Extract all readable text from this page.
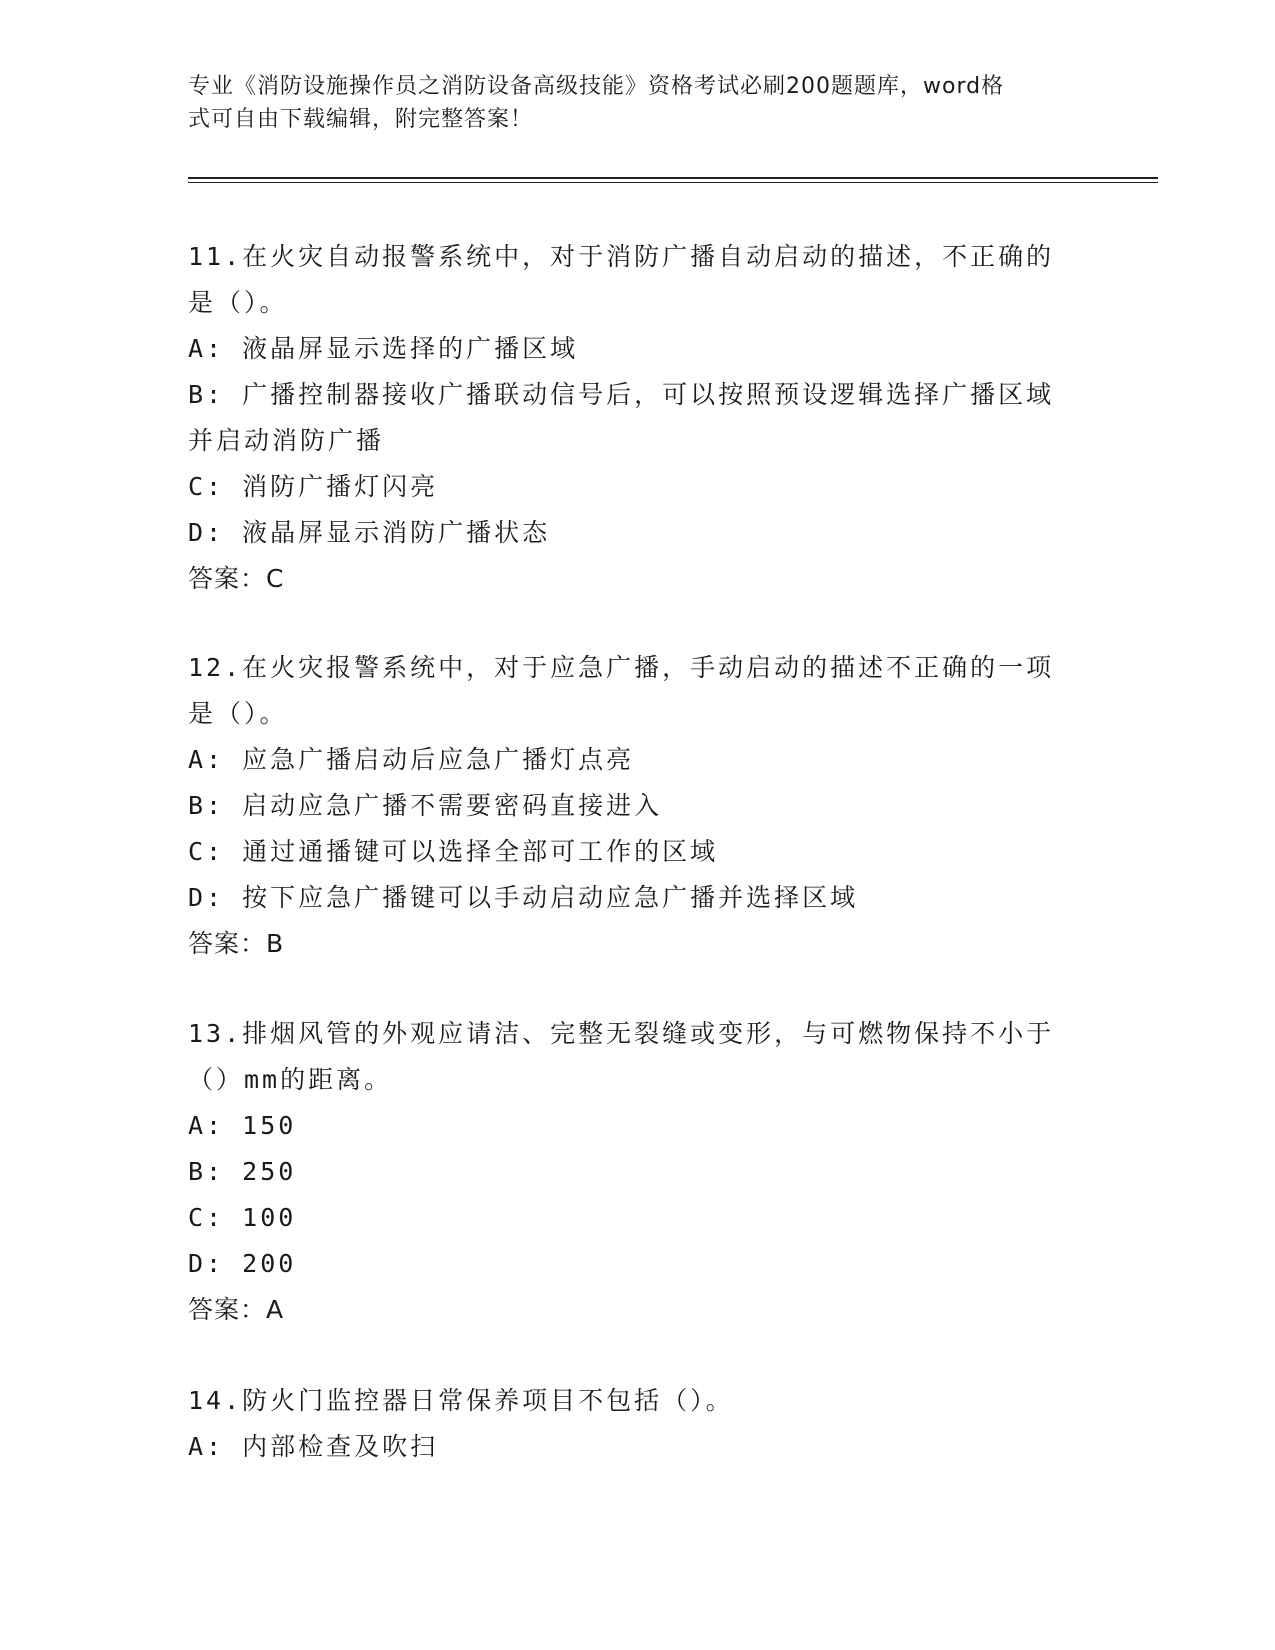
专业《消防设施操作员之消防设备高级技能》资格考试必刷200题题库，word格
式可自由下载编辑，附完整答案！

11.在火灾自动报警系统中，对于消防广播自动启动的描述，不正确的

是（）。

A: 液晶屏显示选择的广播区域

B: 广播控制器接收广播联动信号后，可以按照预设逻辑选择广播区域

并启动消防广播

C: 消防广播灯闪亮

D: 液晶屏显示消防广播状态

答案：C

12.在火灾报警系统中，对于应急广播，手动启动的描述不正确的一项

是（）。

A: 应急广播启动后应急广播灯点亮

B: 启动应急广播不需要密码直接进入

C: 通过通播键可以选择全部可工作的区域

D: 按下应急广播键可以手动启动应急广播并选择区域

答案：B

13.排烟风管的外观应请洁、完整无裂缝或变形，与可燃物保持不小于

（）mm的距离。

A: 150

B: 250

C: 100

D: 200

答案：A

14.防火门监控器日常保养项目不包括（）。

A: 内部检查及吹扫
